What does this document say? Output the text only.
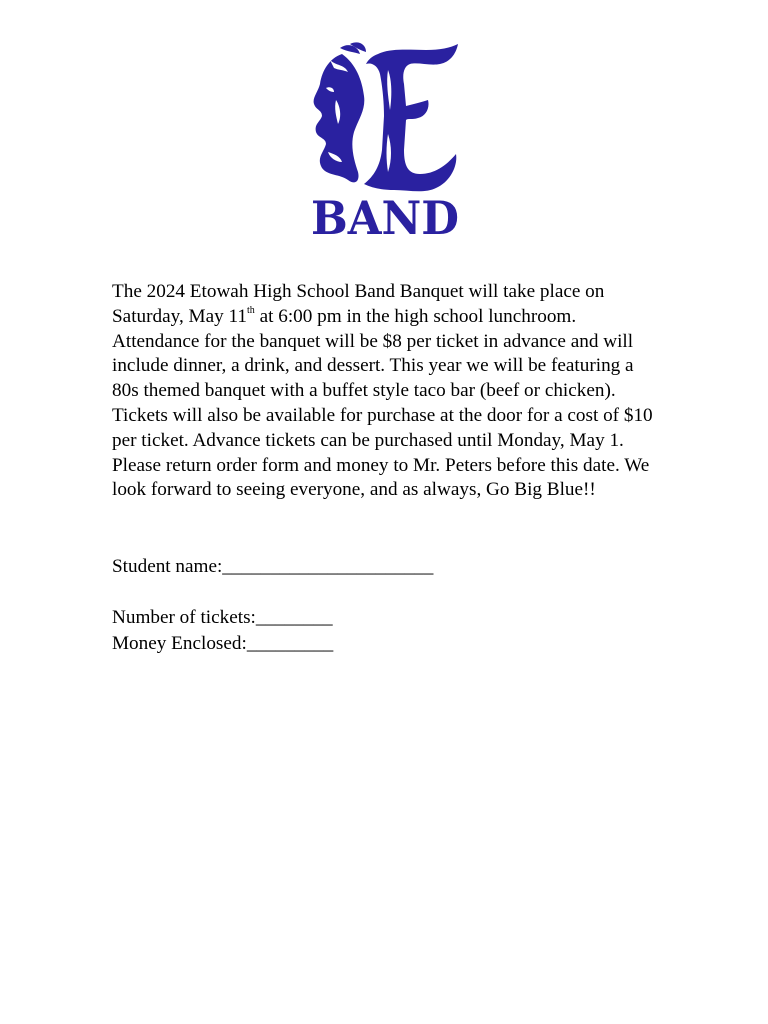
BAND

The 2024 Etowah High School Band Banquet will take place on Saturday, May 11th at 6:00 pm in the high school lunchroom. Attendance for the banquet will be $8 per ticket in advance and will include dinner, a drink, and dessert. This year we will be featuring a 80s themed banquet with a buffet style taco bar (beef or chicken). Tickets will also be available for purchase at the door for a cost of $10 per ticket. Advance tickets can be purchased until Monday, May 1. Please return order form and money to Mr. Peters before this date. We look forward to seeing everyone, and as always, Go Big Blue!!

Student name:______________________
Number of tickets:________
Money Enclosed:_________
